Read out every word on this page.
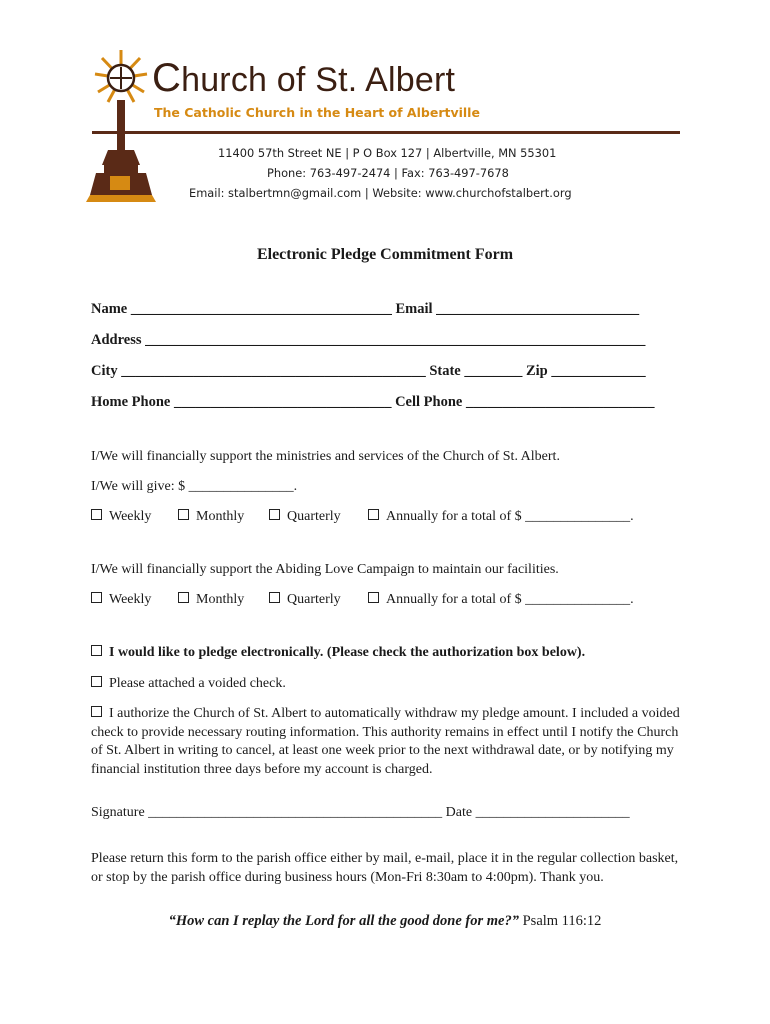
Church of St. Albert
The Catholic Church in the Heart of Albertville
11400 57th Street NE | P O Box 127 | Albertville, MN 55301
Phone: 763-497-2474 | Fax: 763-497-7678
Email: stalbertmn@gmail.com | Website: www.churchofstalbert.org
Electronic Pledge Commitment Form
Name ____________________________________ Email ____________________________
Address _____________________________________________________________________
City __________________________________________ State ________ Zip _____________
Home Phone ______________________________ Cell Phone __________________________
I/We will financially support the ministries and services of the Church of St. Albert.
I/We will give: $ _______________.
Weekly	Monthly	Quarterly	Annually for a total of $ _______________.
I/We will financially support the Abiding Love Campaign to maintain our facilities.
Weekly	Monthly	Quarterly	Annually for a total of $ _______________.
I would like to pledge electronically. (Please check the authorization box below).
Please attached a voided check.
I authorize the Church of St. Albert to automatically withdraw my pledge amount. I included a voided check to provide necessary routing information. This authority remains in effect until I notify the Church of St. Albert in writing to cancel, at least one week prior to the next withdrawal date, or by notifying my financial institution three days before my account is charged.
Signature __________________________________________ Date ______________________
Please return this form to the parish office either by mail, e-mail, place it in the regular collection basket, or stop by the parish office during business hours (Mon-Fri 8:30am to 4:00pm). Thank you.
“How can I replay the Lord for all the good done for me?” Psalm 116:12
